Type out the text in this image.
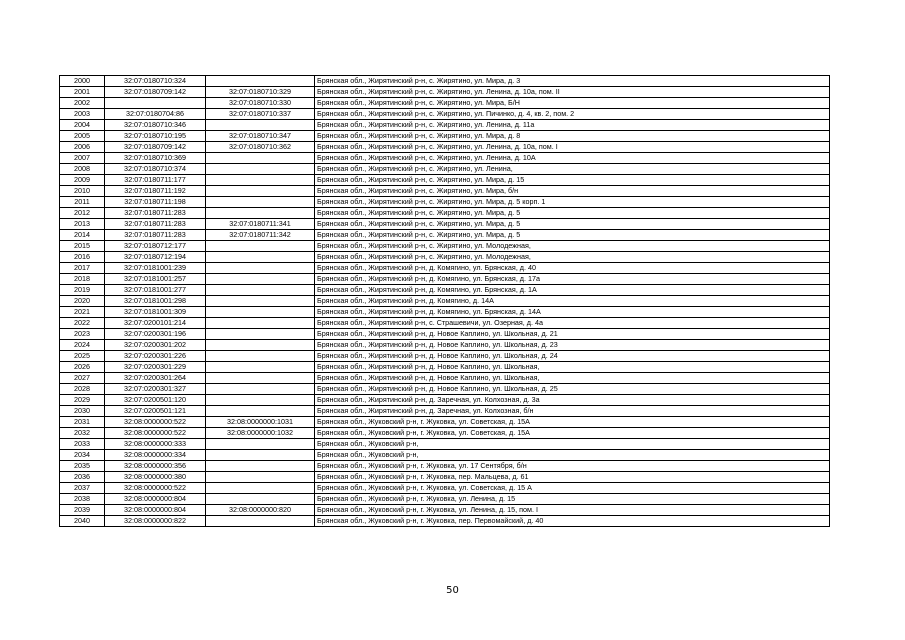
2000	32:07:0180710:324		Брянская обл., Жирятинский р-н, с. Жирятино, ул. Мира, д. 3
2001	32:07:0180709:142	32:07:0180710:329	Брянская обл., Жирятинский р-н, с. Жирятино, ул. Ленина, д. 10а, пом. II
2002		32:07:0180710:330	Брянская обл., Жирятинский р-н, с. Жирятино, ул. Мира, Б/Н
2003	32:07:0180704:86	32:07:0180710:337	Брянская обл., Жирятинский р-н, с. Жирятино, ул. Пичинко, д. 4, кв. 2, пом. 2
2004	32:07:0180710:346		Брянская обл., Жирятинский р-н, с. Жирятино, ул. Ленина, д. 11а
2005	32:07:0180710:195	32:07:0180710:347	Брянская обл., Жирятинский р-н, с. Жирятино, ул. Мира, д. 8
2006	32:07:0180709:142	32:07:0180710:362	Брянская обл., Жирятинский р-н, с. Жирятино, ул. Ленина, д. 10а, пом. I
2007	32:07:0180710:369		Брянская обл., Жирятинский р-н, с. Жирятино, ул. Ленина, д. 10А
2008	32:07:0180710:374		Брянская обл., Жирятинский р-н, с. Жирятино, ул. Ленина,
2009	32:07:0180711:177		Брянская обл., Жирятинский р-н, с. Жирятино, ул. Мира, д. 15
2010	32:07:0180711:192		Брянская обл., Жирятинский р-н, с. Жирятино, ул. Мира, б/н
2011	32:07:0180711:198		Брянская обл., Жирятинский р-н, с. Жирятино, ул. Мира, д. 5 корп. 1
2012	32:07:0180711:283		Брянская обл., Жирятинский р-н, с. Жирятино, ул. Мира, д. 5
2013	32:07:0180711:283	32:07:0180711:341	Брянская обл., Жирятинский р-н, с. Жирятино, ул. Мира, д. 5
2014	32:07:0180711:283	32:07:0180711:342	Брянская обл., Жирятинский р-н, с. Жирятино, ул. Мира, д. 5
2015	32:07:0180712:177		Брянская обл., Жирятинский р-н, с. Жирятино, ул. Молодежная,
2016	32:07:0180712:194		Брянская обл., Жирятинский р-н, с. Жирятино, ул. Молодежная,
2017	32:07:0181001:239		Брянская обл., Жирятинский р-н, д. Комягино, ул. Брянская, д. 40
2018	32:07:0181001:257		Брянская обл., Жирятинский р-н, д. Комягино, ул. Брянская, д. 17а
2019	32:07:0181001:277		Брянская обл., Жирятинский р-н, д. Комягино, ул. Брянская, д. 1А
2020	32:07:0181001:298		Брянская обл., Жирятинский р-н, д. Комягино, д. 14А
2021	32:07:0181001:309		Брянская обл., Жирятинский р-н, д. Комягино, ул. Брянская, д. 14А
2022	32:07:0200101:214		Брянская обл., Жирятинский р-н, с. Страшевичи, ул. Озерная, д. 4а
2023	32:07:0200301:196		Брянская обл., Жирятинский р-н, д. Новое Каплино, ул. Школьная, д. 21
2024	32:07:0200301:202		Брянская обл., Жирятинский р-н, д. Новое Каплино, ул. Школьная, д. 23
2025	32:07:0200301:226		Брянская обл., Жирятинский р-н, д. Новое Каплино, ул. Школьная, д. 24
2026	32:07:0200301:229		Брянская обл., Жирятинский р-н, д. Новое Каплино, ул. Школьная,
2027	32:07:0200301:264		Брянская обл., Жирятинский р-н, д. Новое Каплино, ул. Школьная,
2028	32:07:0200301:327		Брянская обл., Жирятинский р-н, д. Новое Каплино, ул. Школьная, д. 25
2029	32:07:0200501:120		Брянская обл., Жирятинский р-н, д. Заречная, ул. Колхозная, д. 3а
2030	32:07:0200501:121		Брянская обл., Жирятинский р-н, д. Заречная, ул. Колхозная, б/н
2031	32:08:0000000:522	32:08:0000000:1031	Брянская обл., Жуковский р-н, г. Жуковка, ул. Советская, д. 15А
2032	32:08:0000000:522	32:08:0000000:1032	Брянская обл., Жуковский р-н, г. Жуковка, ул. Советская, д. 15А
2033	32:08:0000000:333		Брянская обл., Жуковский р-н,
2034	32:08:0000000:334		Брянская обл., Жуковский р-н,
2035	32:08:0000000:356		Брянская обл., Жуковский р-н, г. Жуковка, ул. 17 Сентября, б/н
2036	32:08:0000000:380		Брянская обл., Жуковский р-н, г. Жуковка, пер. Мальцева, д. 61
2037	32:08:0000000:522		Брянская обл., Жуковский р-н, г. Жуковка, ул. Советская, д. 15 А
2038	32:08:0000000:804		Брянская обл., Жуковский р-н, г. Жуковка, ул. Ленина, д. 15
2039	32:08:0000000:804	32:08:0000000:820	Брянская обл., Жуковский р-н, г. Жуковка, ул. Ленина, д. 15, пом. I
2040	32:08:0000000:822		Брянская обл., Жуковский р-н, г. Жуковка, пер. Первомайский, д. 40
50
